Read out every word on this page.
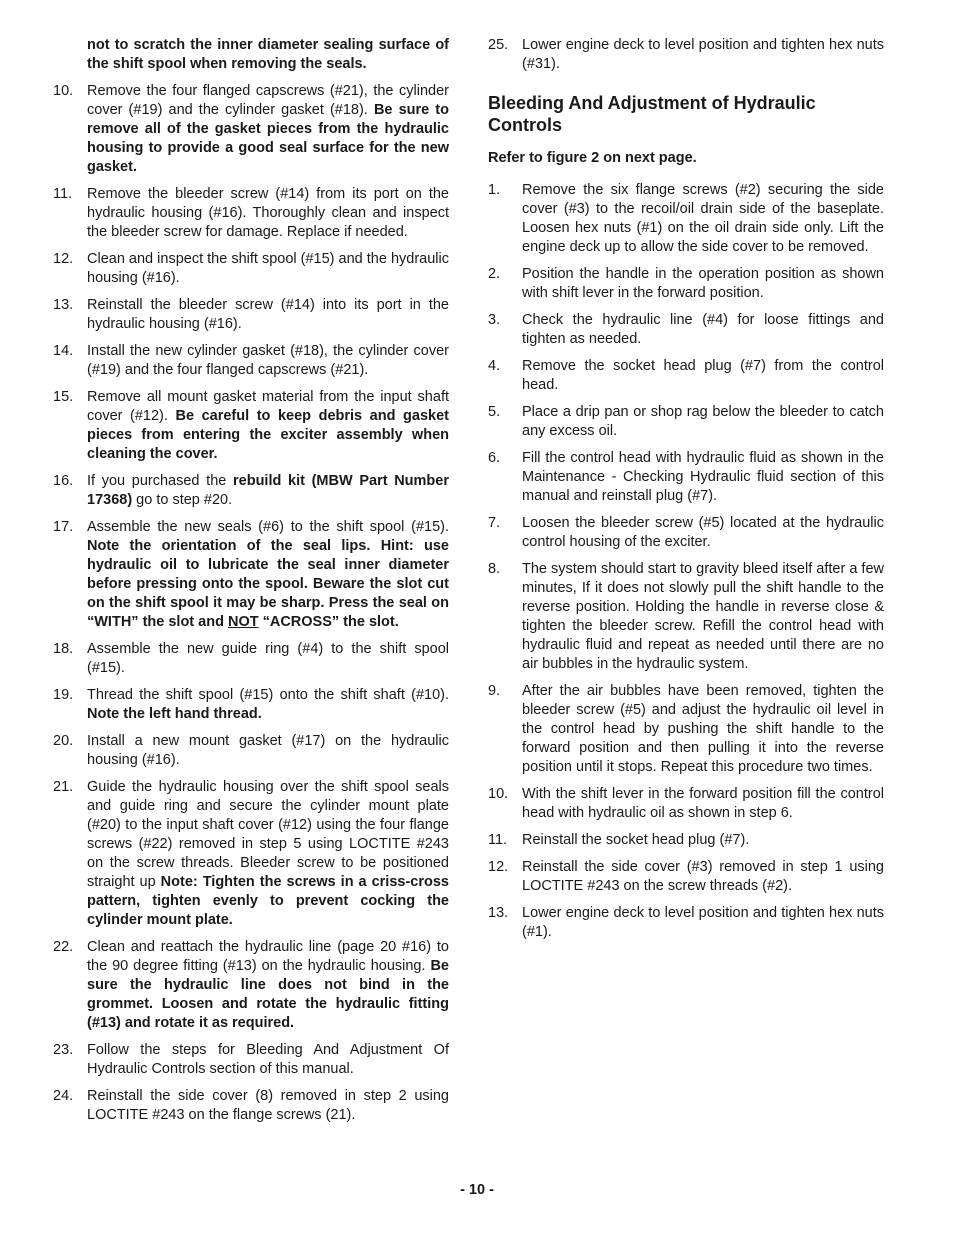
not to scratch the inner diameter sealing surface of the shift spool when removing the seals.
10. Remove the four flanged capscrews (#21), the cylinder cover (#19) and the cylinder gasket (#18). Be sure to remove all of the gasket pieces from the hydraulic housing to provide a good seal surface for the new gasket.
11.	Remove the bleeder screw (#14) from its port on the hydraulic housing (#16). Thoroughly clean and inspect the bleeder screw for damage. Replace if needed.
12. Clean and inspect the shift spool (#15) and the hydraulic housing (#16).
13. Reinstall the bleeder screw (#14) into its port in the hydraulic housing (#16).
14. Install the new cylinder gasket (#18), the cylinder cover (#19) and the four flanged capscrews (#21).
15. Remove all mount gasket material from the input shaft cover (#12). Be careful to keep debris and gasket pieces from entering the exciter assembly when cleaning the cover.
16. If you purchased the rebuild kit (MBW Part Number 17368) go to step #20.
17. Assemble the new seals (#6) to the shift spool (#15). Note the orientation of the seal lips. Hint: use hydraulic oil to lubricate the seal inner diameter before pressing onto the spool. Beware the slot cut on the shift spool it may be sharp. Press the seal on “WITH” the slot and NOT “ACROSS” the slot.
18. Assemble the new guide ring (#4) to the shift spool (#15).
19. Thread the shift spool (#15) onto the shift shaft (#10). Note the left hand thread.
20. Install a new mount gasket (#17) on the hydraulic housing (#16).
21. Guide the hydraulic housing over the shift spool seals and guide ring and secure the cylinder mount plate (#20) to the input shaft cover (#12) using the four flange screws (#22) removed in step 5 using LOCTITE #243 on the screw threads. Bleeder screw to be positioned straight up Note: Tighten the screws in a criss-cross pattern, tighten evenly to prevent cocking the cylinder mount plate.
22. Clean and reattach the hydraulic line (page 20 #16) to the 90 degree fitting (#13) on the hydraulic housing. Be sure the hydraulic line does not bind in the grommet. Loosen and rotate the hydraulic fitting (#13) and rotate it as required.
23. Follow the steps for Bleeding And Adjustment Of Hydraulic Controls section of this manual.
24. Reinstall the side cover (8) removed in step 2 using LOCTITE #243 on the flange screws (21).
25. Lower engine deck to level position and tighten hex nuts (#31).
Bleeding And Adjustment of Hydraulic Controls
Refer to figure 2 on next page.
1.	Remove the six flange screws (#2) securing the side cover (#3) to the recoil/oil drain side of the baseplate. Loosen hex nuts (#1) on the oil drain side only. Lift the engine deck up to allow the side cover to be removed.
2.	Position the handle in the operation position as shown with shift lever in the forward position.
3.	Check the hydraulic line (#4) for loose fittings and tighten as needed.
4.	Remove the socket head plug (#7) from the control head.
5.	Place a drip pan or shop rag below the bleeder to catch any excess oil.
6.	Fill the control head with hydraulic fluid as shown in the Maintenance - Checking Hydraulic fluid section of this manual and reinstall plug (#7).
7.	Loosen the bleeder screw (#5) located at the hydraulic control housing of the exciter.
8.	The system should start to gravity bleed itself after a few minutes, If it does not slowly pull the shift handle to the reverse position. Holding the handle in reverse close & tighten the bleeder screw. Refill the control head with hydraulic fluid and repeat as needed until there are no air bubbles in the hydraulic system.
9.	After the air bubbles have been removed, tighten the bleeder screw (#5) and adjust the hydraulic oil level in the control head by pushing the shift handle to the forward position and then pulling it into the reverse position until it stops. Repeat this procedure two times.
10. With the shift lever in the forward position fill the control head with hydraulic oil as shown in step 6.
11.	Reinstall the socket head plug (#7).
12. Reinstall the side cover (#3) removed in step 1 using LOCTITE #243 on the screw threads (#2).
13. Lower engine deck to level position and tighten hex nuts (#1).
- 10 -
